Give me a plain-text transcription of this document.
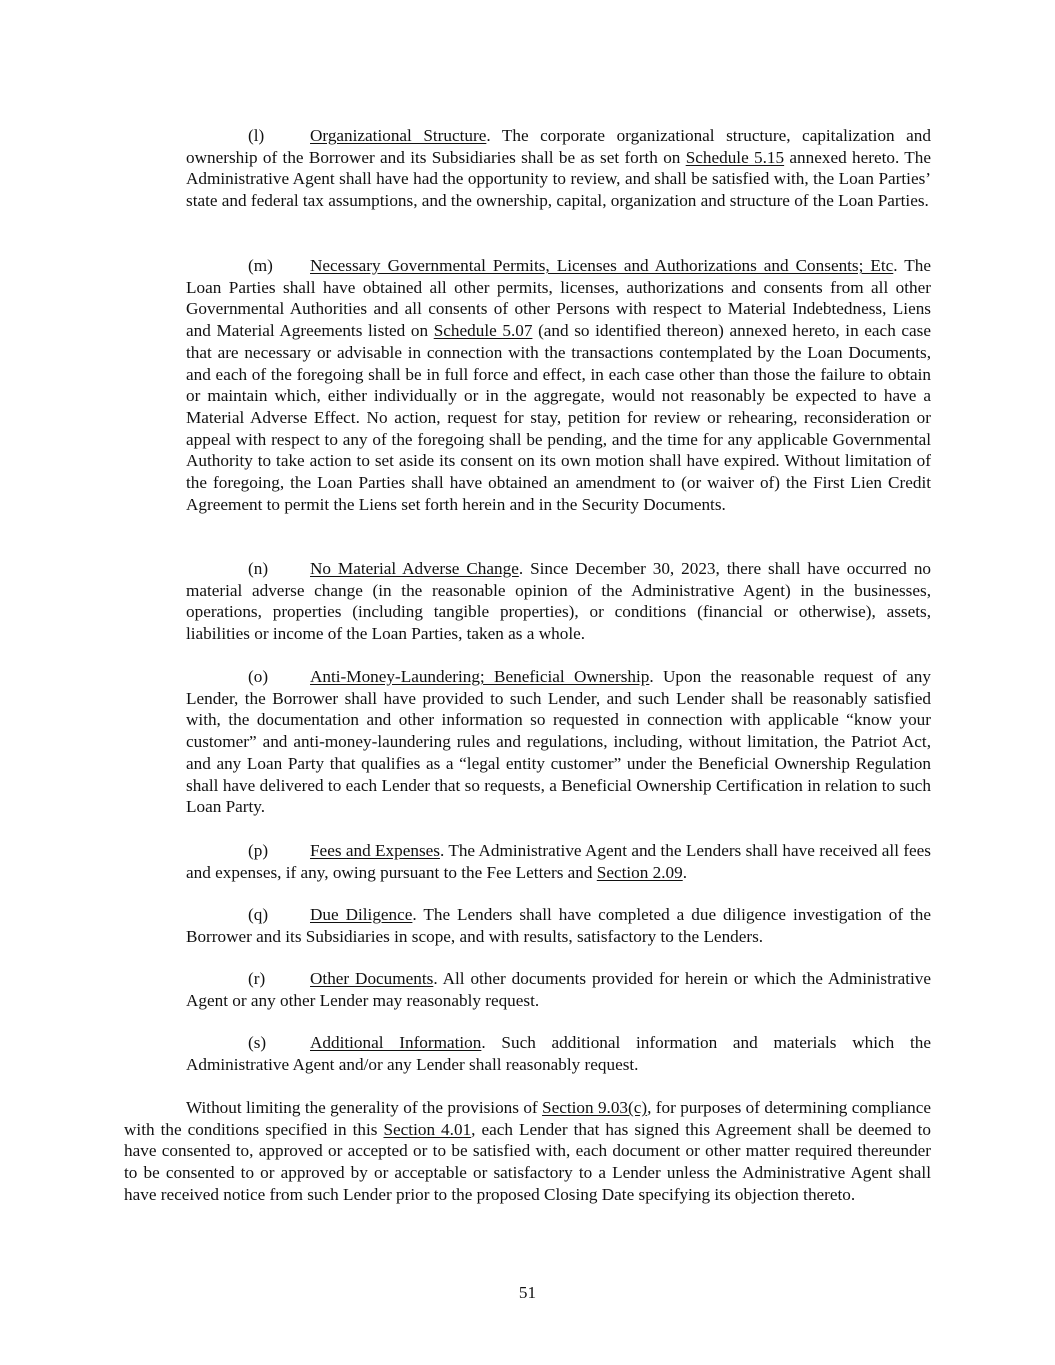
(l)	Organizational Structure. The corporate organizational structure, capitalization and ownership of the Borrower and its Subsidiaries shall be as set forth on Schedule 5.15 annexed hereto. The Administrative Agent shall have had the opportunity to review, and shall be satisfied with, the Loan Parties’ state and federal tax assumptions, and the ownership, capital, organization and structure of the Loan Parties.

(m) Necessary Governmental Permits, Licenses and Authorizations and Consents; Etc. The Loan Parties shall have obtained all other permits, licenses, authorizations and consents from all other Governmental Authorities and all consents of other Persons with respect to Material Indebtedness, Liens and Material Agreements listed on Schedule 5.07 (and so identified thereon) annexed hereto, in each case that are necessary or advisable in connection with the transactions contemplated by the Loan Documents, and each of the foregoing shall be in full force and effect, in each case other than those the failure to obtain or maintain which, either individually or in the aggregate, would not reasonably be expected to have a Material Adverse Effect. No action, request for stay, petition for review or rehearing, reconsideration or appeal with respect to any of the foregoing shall be pending, and the time for any applicable Governmental Authority to take action to set aside its consent on its own motion shall have expired. Without limitation of the foregoing, the Loan Parties shall have obtained an amendment to (or waiver of) the First Lien Credit Agreement to permit the Liens set forth herein and in the Security Documents.

(n) No Material Adverse Change. Since December 30, 2023, there shall have occurred no material adverse change (in the reasonable opinion of the Administrative Agent) in the businesses, operations, properties (including tangible properties), or conditions (financial or otherwise), assets, liabilities or income of the Loan Parties, taken as a whole.

(o) Anti-Money-Laundering; Beneficial Ownership. Upon the reasonable request of any Lender, the Borrower shall have provided to such Lender, and such Lender shall be reasonably satisfied with, the documentation and other information so requested in connection with applicable “know your customer” and anti-money-laundering rules and regulations, including, without limitation, the Patriot Act, and any Loan Party that qualifies as a “legal entity customer” under the Beneficial Ownership Regulation shall have delivered to each Lender that so requests, a Beneficial Ownership Certification in relation to such Loan Party.

(p) Fees and Expenses. The Administrative Agent and the Lenders shall have received all fees and expenses, if any, owing pursuant to the Fee Letters and Section 2.09.

(q) Due Diligence. The Lenders shall have completed a due diligence investigation of the Borrower and its Subsidiaries in scope, and with results, satisfactory to the Lenders.

(r)	Other Documents. All other documents provided for herein or which the Administrative Agent or any other Lender may reasonably request.

(s)	Additional Information. Such additional information and materials which the Administrative Agent and/or any Lender shall reasonably request.

Without limiting the generality of the provisions of Section 9.03(c), for purposes of determining compliance with the conditions specified in this Section 4.01, each Lender that has signed this Agreement shall be deemed to have consented to, approved or accepted or to be satisfied with, each document or other matter required thereunder to be consented to or approved by or acceptable or satisfactory to a Lender unless the Administrative Agent shall have received notice from such Lender prior to the proposed Closing Date specifying its objection thereto.

51
